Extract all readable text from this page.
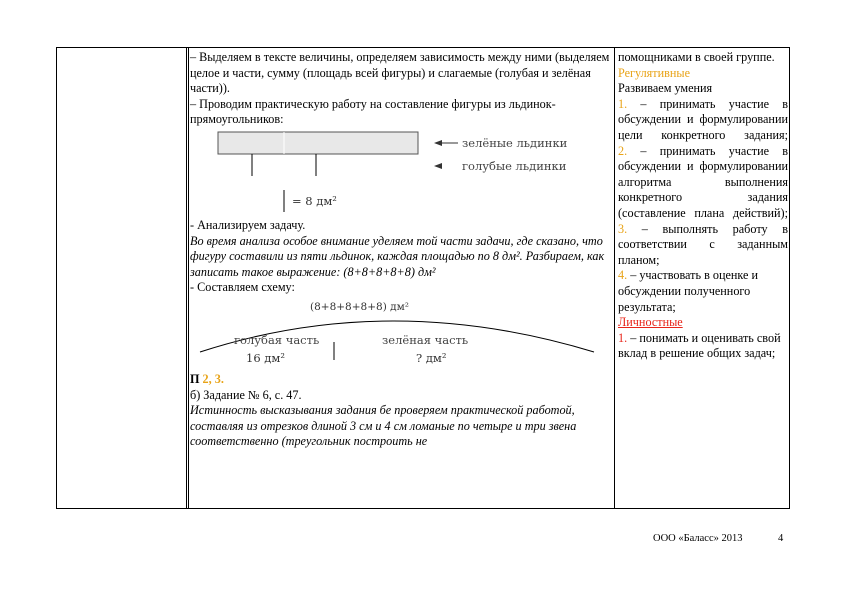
– Выделяем в тексте величины, определяем зависимость между ними (выделяем целое и части, сумму (площадь всей фигуры) и слагаемые (голубая и зелёная части)).

– Проводим практическую работу на составление фигуры из льдинок-прямоугольников:

зелёные льдинки
голубые льдинки
= 8 дм²

- Анализируем задачу.

Во время анализа особое внимание уделяем той части задачи, где сказано, что фигуру составили из пяти льдинок, каждая площадью по 8 дм². Разбираем, как записать такое выражение: (8+8+8+8+8) дм²

- Составляем схему:

(8+8+8+8+8) дм²
голубая часть
16 дм²
зелёная часть
? дм²

П 2, 3.

б) Задание № 6, с. 47.

Истинность высказывания задания бе проверяем практической работой, составляя из отрезков длиной 3 см и 4 см ломаные по четыре и три звена соответственно (треугольник построить не

помощниками в своей группе.

Регулятивные

Развиваем умения

1. – принимать участие в обсуждении и формулировании цели конкретного задания;

2. – принимать участие в обсуждении и формулировании алгоритма выполнения конкретного задания (составление плана действий);

3. – выполнять работу в соответствии с заданным планом;

4. – участвовать в оценке и обсуждении полученного результата;

Личностные

1. – понимать и оценивать свой вклад в решение общих задач;

ООО «Баласс» 2013	4
